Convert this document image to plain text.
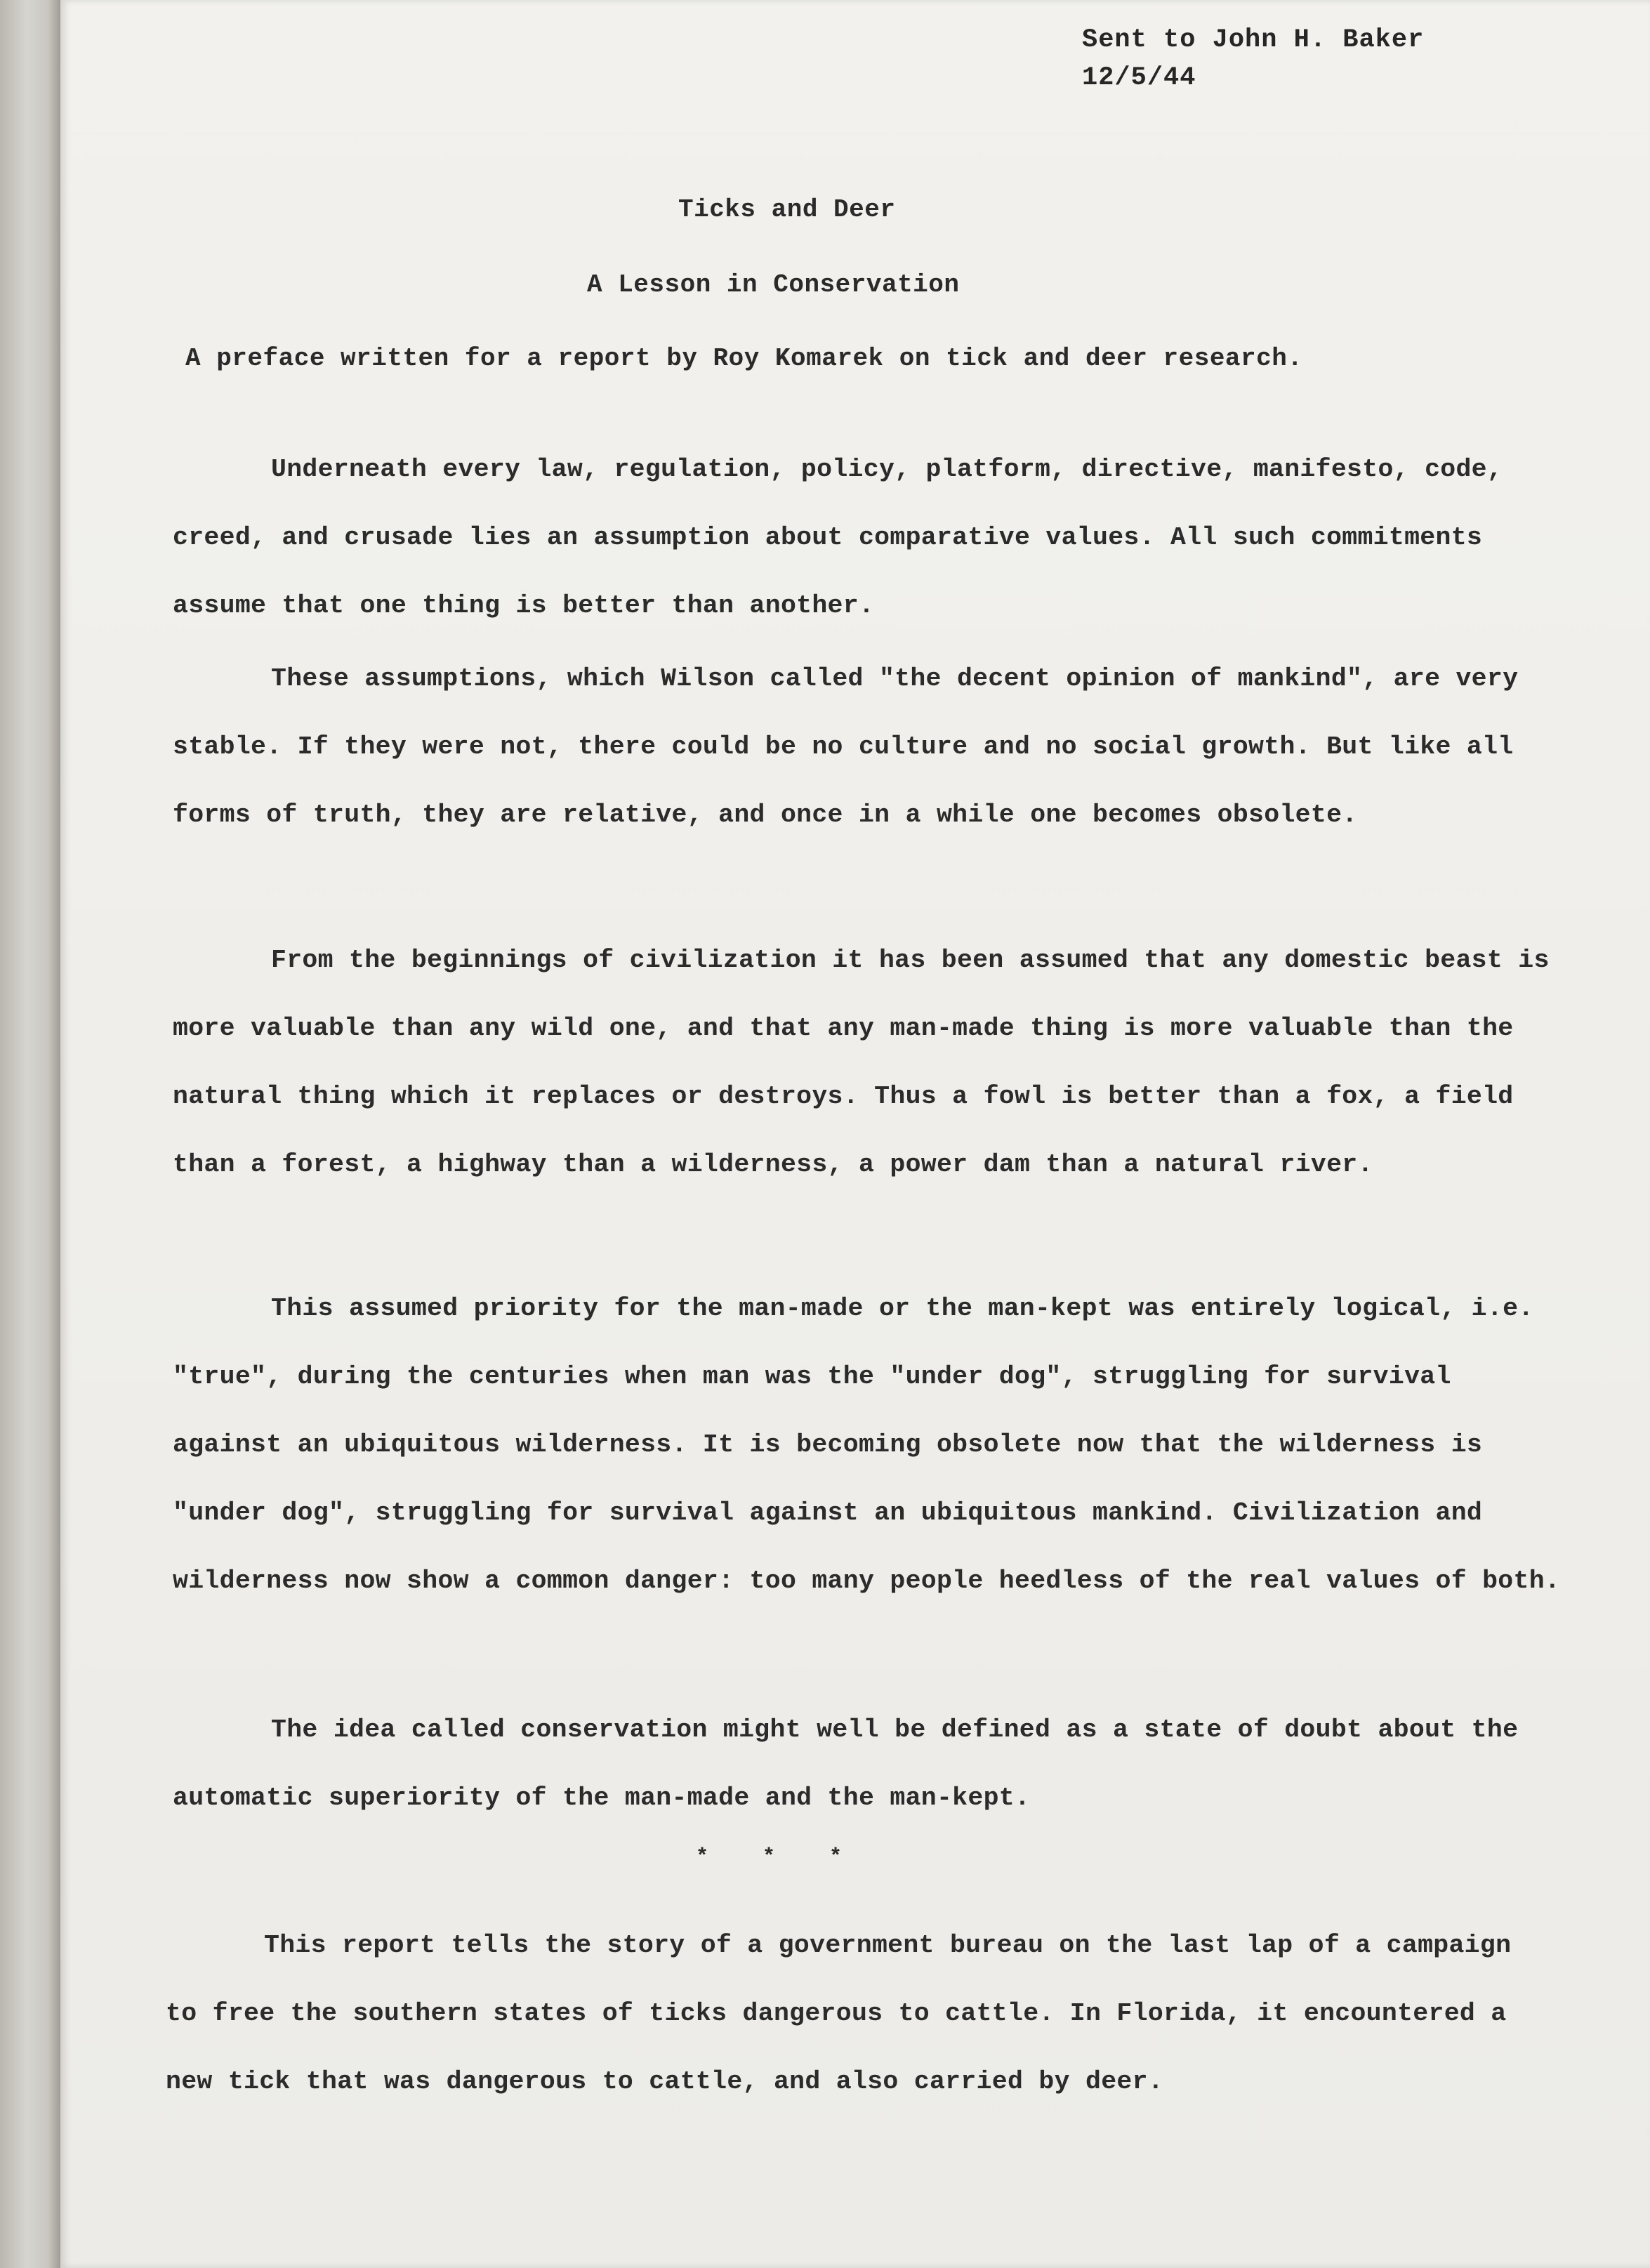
Sent to John H. Baker
12/5/44
Ticks and Deer
A Lesson in Conservation
A preface written for a report by Roy Komarek on tick and deer research.

Underneath every law, regulation, policy, platform, directive, manifesto, code, creed, and crusade lies an assumption about comparative values. All such commitments assume that one thing is better than another.

These assumptions, which Wilson called "the decent opinion of mankind", are very stable. If they were not, there could be no culture and no social growth. But like all forms of truth, they are relative, and once in a while one becomes obsolete.

From the beginnings of civilization it has been assumed that any domestic beast is more valuable than any wild one, and that any man-made thing is more valuable than the natural thing which it replaces or destroys. Thus a fowl is better than a fox, a field than a forest, a highway than a wilderness, a power dam than a natural river.

This assumed priority for the man-made or the man-kept was entirely logical, i.e. "true", during the centuries when man was the "under dog", struggling for survival against an ubiquitous wilderness. It is becoming obsolete now that the wilderness is "under dog", struggling for survival against an ubiquitous mankind. Civilization and wilderness now show a common danger: too many people heedless of the real values of both.

The idea called conservation might well be defined as a state of doubt about the automatic superiority of the man-made and the man-kept.

* * *

This report tells the story of a government bureau on the last lap of a campaign to free the southern states of ticks dangerous to cattle. In Florida, it encountered a new tick that was dangerous to cattle, and also carried by deer.
